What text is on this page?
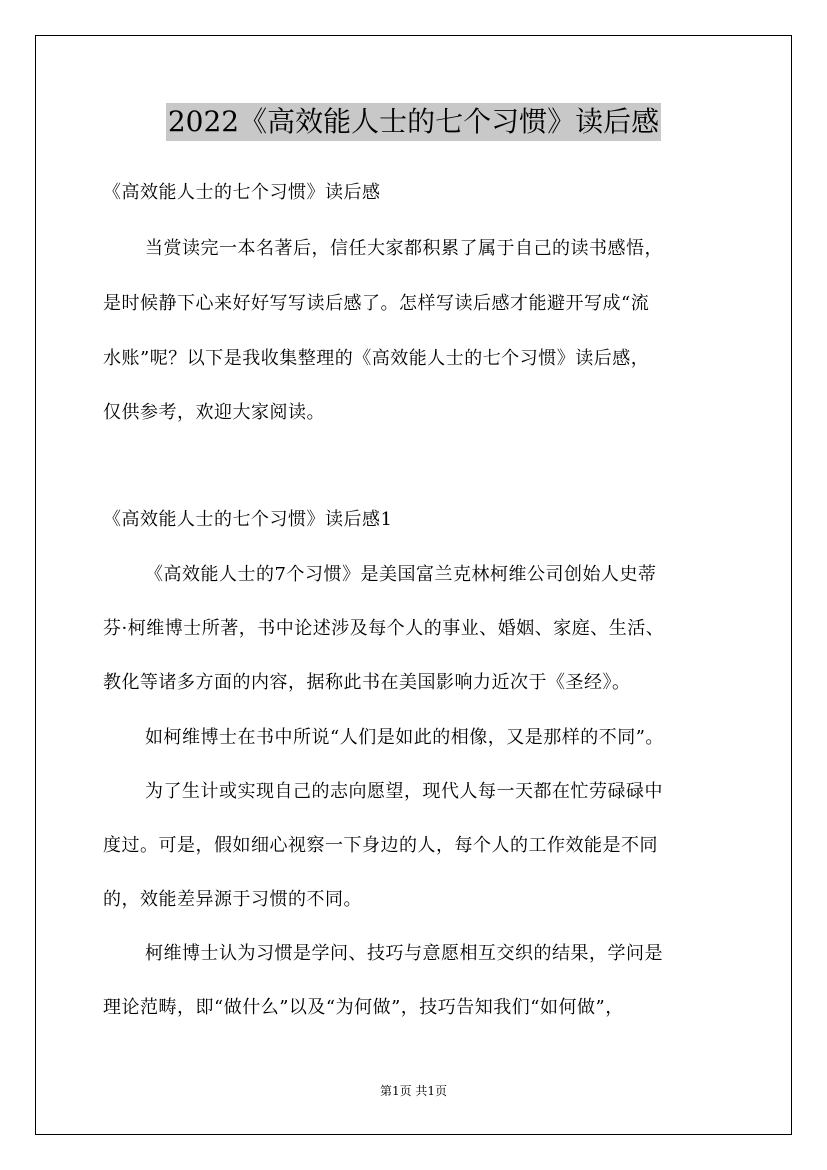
2022《高效能人士的七个习惯》读后感
《高效能人士的七个习惯》读后感
当赏读完一本名著后，信任大家都积累了属于自己的读书感悟，
是时候静下心来好好写写读后感了。怎样写读后感才能避开写成“流
水账”呢？以下是我收集整理的《高效能人士的七个习惯》读后感，
仅供参考，欢迎大家阅读。
《高效能人士的七个习惯》读后感1
《高效能人士的7个习惯》是美国富兰克林柯维公司创始人史蒂
芬·柯维博士所著，书中论述涉及每个人的事业、婚姻、家庭、生活、
教化等诸多方面的内容，据称此书在美国影响力近次于《圣经》。
如柯维博士在书中所说“人们是如此的相像，又是那样的不同”。
为了生计或实现自己的志向愿望，现代人每一天都在忙劳碌碌中
度过。可是，假如细心视察一下身边的人，每个人的工作效能是不同
的，效能差异源于习惯的不同。
柯维博士认为习惯是学问、技巧与意愿相互交织的结果，学问是
理论范畴，即“做什么”以及“为何做”，技巧告知我们“如何做”，
第1页 共1页
